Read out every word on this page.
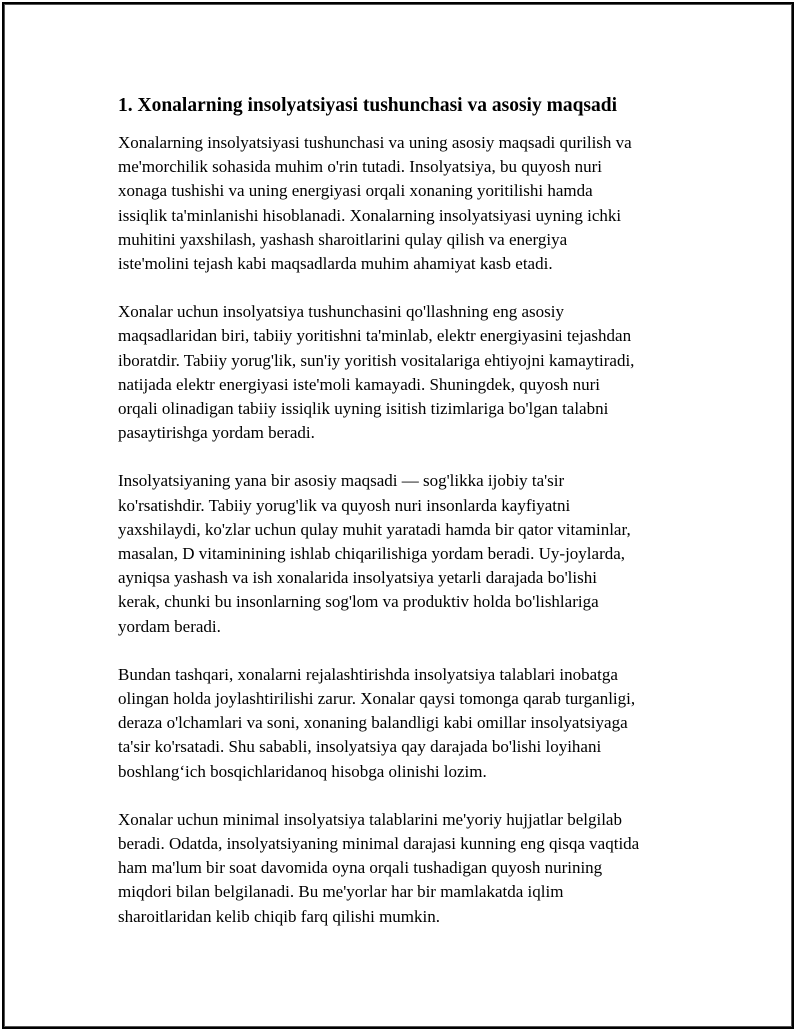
1. Xonalarning insolyatsiyasi tushunchasi va asosiy maqsadi

Xonalarning insolyatsiyasi tushunchasi va uning asosiy maqsadi qurilish va
me'morchilik sohasida muhim o'rin tutadi. Insolyatsiya, bu quyosh nuri
xonaga tushishi va uning energiyasi orqali xonaning yoritilishi hamda
issiqlik ta'minlanishi hisoblanadi. Xonalarning insolyatsiyasi uyning ichki
muhitini yaxshilash, yashash sharoitlarini qulay qilish va energiya
iste'molini tejash kabi maqsadlarda muhim ahamiyat kasb etadi.

Xonalar uchun insolyatsiya tushunchasini qo'llashning eng asosiy
maqsadlaridan biri, tabiiy yoritishni ta'minlab, elektr energiyasini tejashdan
iboratdir. Tabiiy yorug'lik, sun'iy yoritish vositalariga ehtiyojni kamaytiradi,
natijada elektr energiyasi iste'moli kamayadi. Shuningdek, quyosh nuri
orqali olinadigan tabiiy issiqlik uyning isitish tizimlariga bo'lgan talabni
pasaytirishga yordam beradi.

Insolyatsiyaning yana bir asosiy maqsadi — sog'likka ijobiy ta'sir
ko'rsatishdir. Tabiiy yorug'lik va quyosh nuri insonlarda kayfiyatni
yaxshilaydi, ko'zlar uchun qulay muhit yaratadi hamda bir qator vitaminlar,
masalan, D vitaminining ishlab chiqarilishiga yordam beradi. Uy-joylarda,
ayniqsa yashash va ish xonalarida insolyatsiya yetarli darajada bo'lishi
kerak, chunki bu insonlarning sog'lom va produktiv holda bo'lishlariga
yordam beradi.

Bundan tashqari, xonalarni rejalashtirishda insolyatsiya talablari inobatga
olingan holda joylashtirilishi zarur. Xonalar qaysi tomonga qarab turganligi,
deraza o'lchamlari va soni, xonaning balandligi kabi omillar insolyatsiyaga
ta'sir ko'rsatadi. Shu sababli, insolyatsiya qay darajada bo'lishi loyihani
boshlang‘ich bosqichlaridanoq hisobga olinishi lozim.

Xonalar uchun minimal insolyatsiya talablarini me'yoriy hujjatlar belgilab
beradi. Odatda, insolyatsiyaning minimal darajasi kunning eng qisqa vaqtida
ham ma'lum bir soat davomida oyna orqali tushadigan quyosh nurining
miqdori bilan belgilanadi. Bu me'yorlar har bir mamlakatda iqlim
sharoitlaridan kelib chiqib farq qilishi mumkin.
